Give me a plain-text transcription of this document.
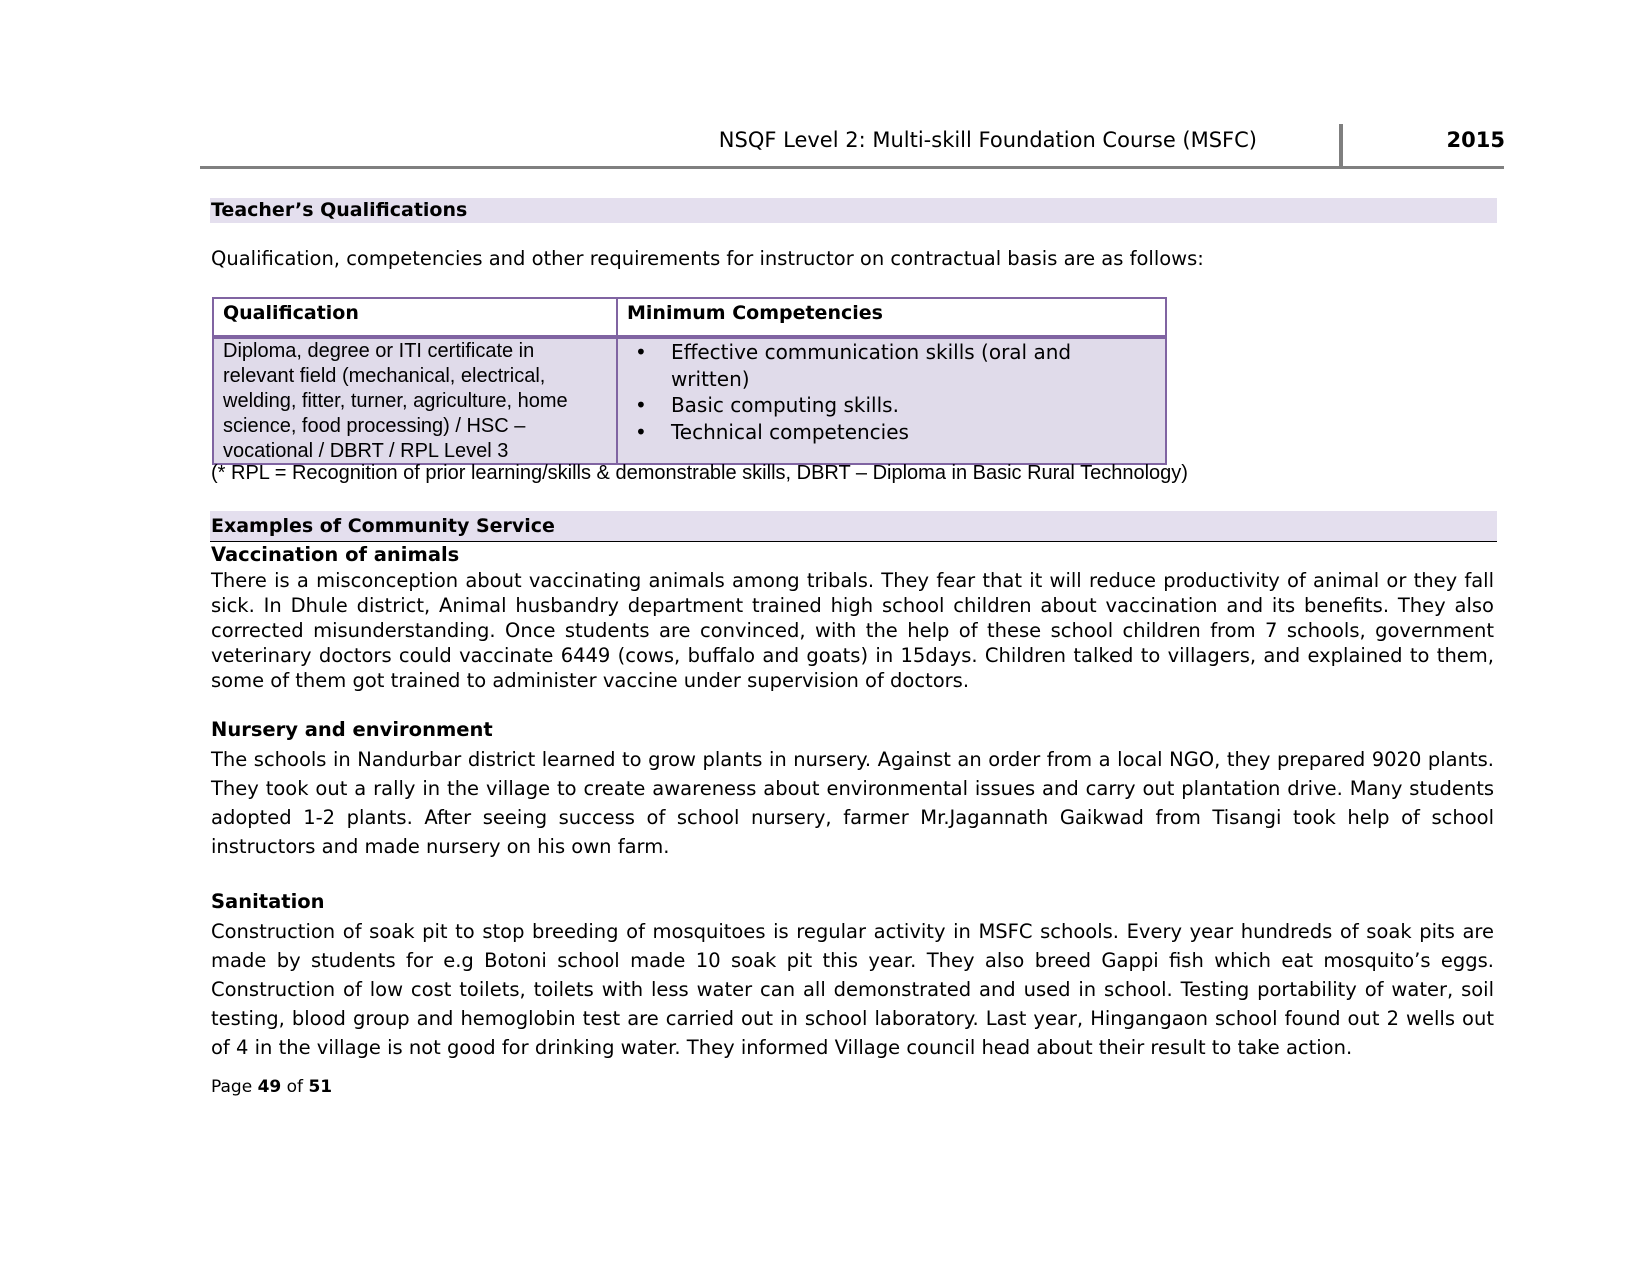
NSQF Level 2: Multi-skill Foundation Course (MSFC)	2015
Teacher’s Qualifications
Qualification, competencies and other requirements for instructor on contractual basis are as follows:
Qualification	Minimum Competencies
Diploma, degree or ITI certificate in relevant field (mechanical, electrical, welding, fitter, turner, agriculture, home science, food processing) / HSC – vocational / DBRT / RPL Level 3
• Effective communication skills (oral and written)
• Basic computing skills.
• Technical competencies
(* RPL = Recognition of prior learning/skills & demonstrable skills, DBRT – Diploma in Basic Rural Technology)
Examples of Community Service
Vaccination of animals
There is a misconception about vaccinating animals among tribals. They fear that it will reduce productivity of animal or they fall sick. In Dhule district, Animal husbandry department trained high school children about vaccination and its benefits. They also corrected misunderstanding. Once students are convinced, with the help of these school children from 7 schools, government veterinary doctors could vaccinate 6449 (cows, buffalo and goats) in 15days. Children talked to villagers, and explained to them, some of them got trained to administer vaccine under supervision of doctors.
Nursery and environment
The schools in Nandurbar district learned to grow plants in nursery. Against an order from a local NGO, they prepared 9020 plants. They took out a rally in the village to create awareness about environmental issues and carry out plantation drive. Many students adopted 1-2 plants. After seeing success of school nursery, farmer Mr.Jagannath Gaikwad from Tisangi took help of school instructors and made nursery on his own farm.
Sanitation
Construction of soak pit to stop breeding of mosquitoes is regular activity in MSFC schools. Every year hundreds of soak pits are made by students for e.g Botoni school made 10 soak pit this year. They also breed Gappi fish which eat mosquito’s eggs. Construction of low cost toilets, toilets with less water can all demonstrated and used in school. Testing portability of water, soil testing, blood group and hemoglobin test are carried out in school laboratory. Last year, Hingangaon school found out 2 wells out of 4 in the village is not good for drinking water. They informed Village council head about their result to take action.
Page 49 of 51
